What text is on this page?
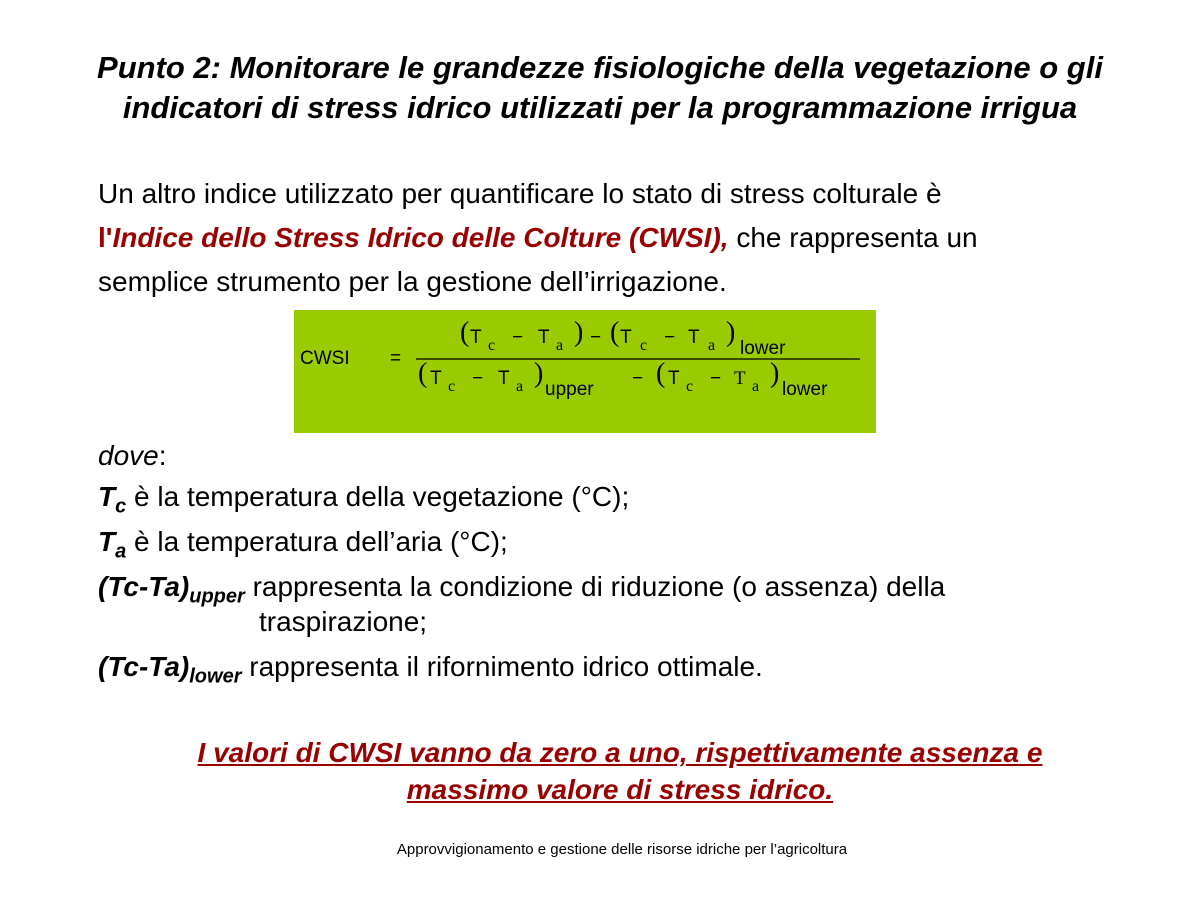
Punto 2: Monitorare le grandezze fisiologiche della vegetazione o gli
indicatori di stress idrico utilizzati per la programmazione irrigua
Un altro indice utilizzato per quantificare lo stato di stress colturale è
l'Indice dello Stress Idrico delle Colture (CWSI), che rappresenta un
semplice strumento per la gestione dell’irrigazione.
CWSI =
( T c − T a ) − ( T c − T a )
lower
( T c − T a )
upper
− ( T c − T a )
lower
dove:
$T_c$ è la temperatura della vegetazione (°C);
$T_a$ è la temperatura dell’aria (°C);
$(Tc-Ta)_{upper}$ rappresenta la condizione di riduzione (o assenza) della
traspirazione;
$(Tc-Ta)_{lower}$ rappresenta il rifornimento idrico ottimale.
I valori di CWSI vanno da zero a uno, rispettivamente assenza e
massimo valore di stress idrico.
Approvvigionamento e gestione delle risorse idriche per l’agricoltura
